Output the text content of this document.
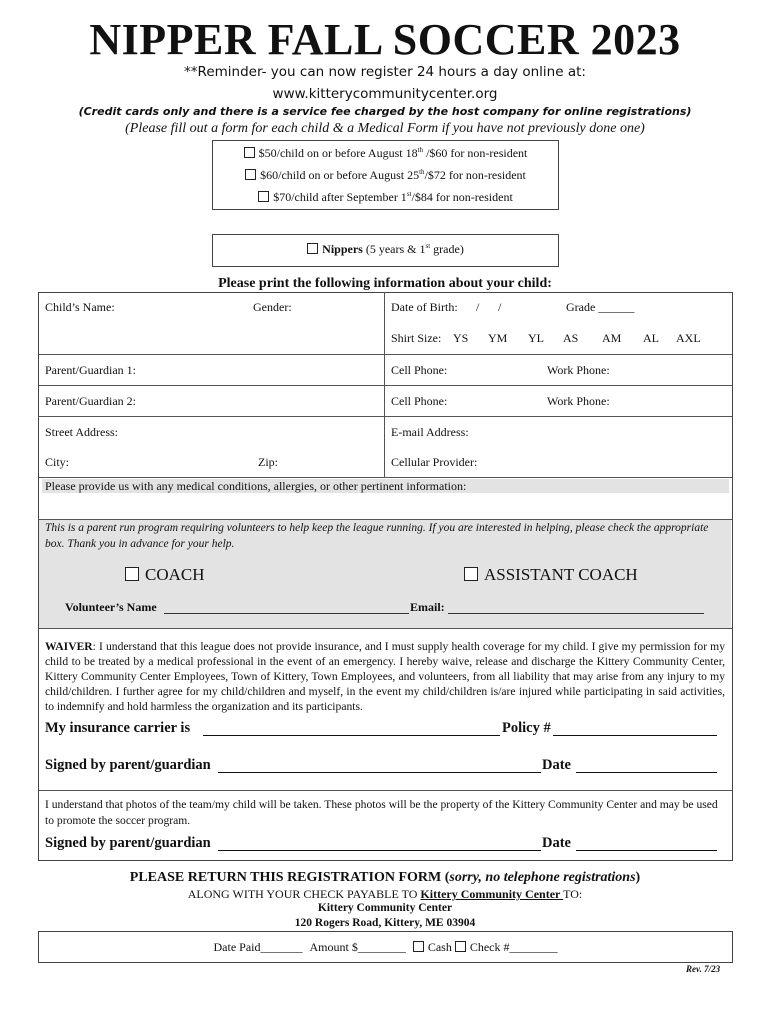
NIPPER FALL SOCCER 2023
**Reminder- you can now register 24 hours a day online at:
www.kitterycommunitycenter.org
(Credit cards only and there is a service fee charged by the host company for online registrations)
(Please fill out a form for each child & a Medical Form if you have not previously done one)
$50/child on or before August 18th /$60 for non-resident
$60/child on or before August 25th/$72 for non-resident
$70/child after September 1st/$84 for non-resident
Nippers (5 years & 1st grade)
Please print the following information about your child:
Child’s Name:	Gender:	Date of Birth: / /	Grade ______
Shirt Size: YS YM YL AS AM AL AXL
Parent/Guardian 1:	Cell Phone:	Work Phone:
Parent/Guardian 2:	Cell Phone:	Work Phone:
Street Address:	E-mail Address:
City:	Zip:	Cellular Provider:
Please provide us with any medical conditions, allergies, or other pertinent information:
This is a parent run program requiring volunteers to help keep the league running. If you are interested in helping, please check the appropriate box. Thank you in advance for your help.
COACH	ASSISTANT COACH
Volunteer’s Name	Email:
WAIVER: I understand that this league does not provide insurance, and I must supply health coverage for my child. I give my permission for my child to be treated by a medical professional in the event of an emergency. I hereby waive, release and discharge the Kittery Community Center, Kittery Community Center Employees, Town of Kittery, Town Employees, and volunteers, from all liability that may arise from any injury to my child/children. I further agree for my child/children and myself, in the event my child/children is/are injured while participating in said activities, to indemnify and hold harmless the organization and its participants.
My insurance carrier is	Policy #
Signed by parent/guardian	Date
I understand that photos of the team/my child will be taken. These photos will be the property of the Kittery Community Center and may be used to promote the soccer program.
Signed by parent/guardian	Date
PLEASE RETURN THIS REGISTRATION FORM (sorry, no telephone registrations)
ALONG WITH YOUR CHECK PAYABLE TO Kittery Community Center TO:
Kittery Community Center
120 Rogers Road, Kittery, ME 03904
Date Paid_______ Amount $________ Cash Check #________
Rev. 7/23
